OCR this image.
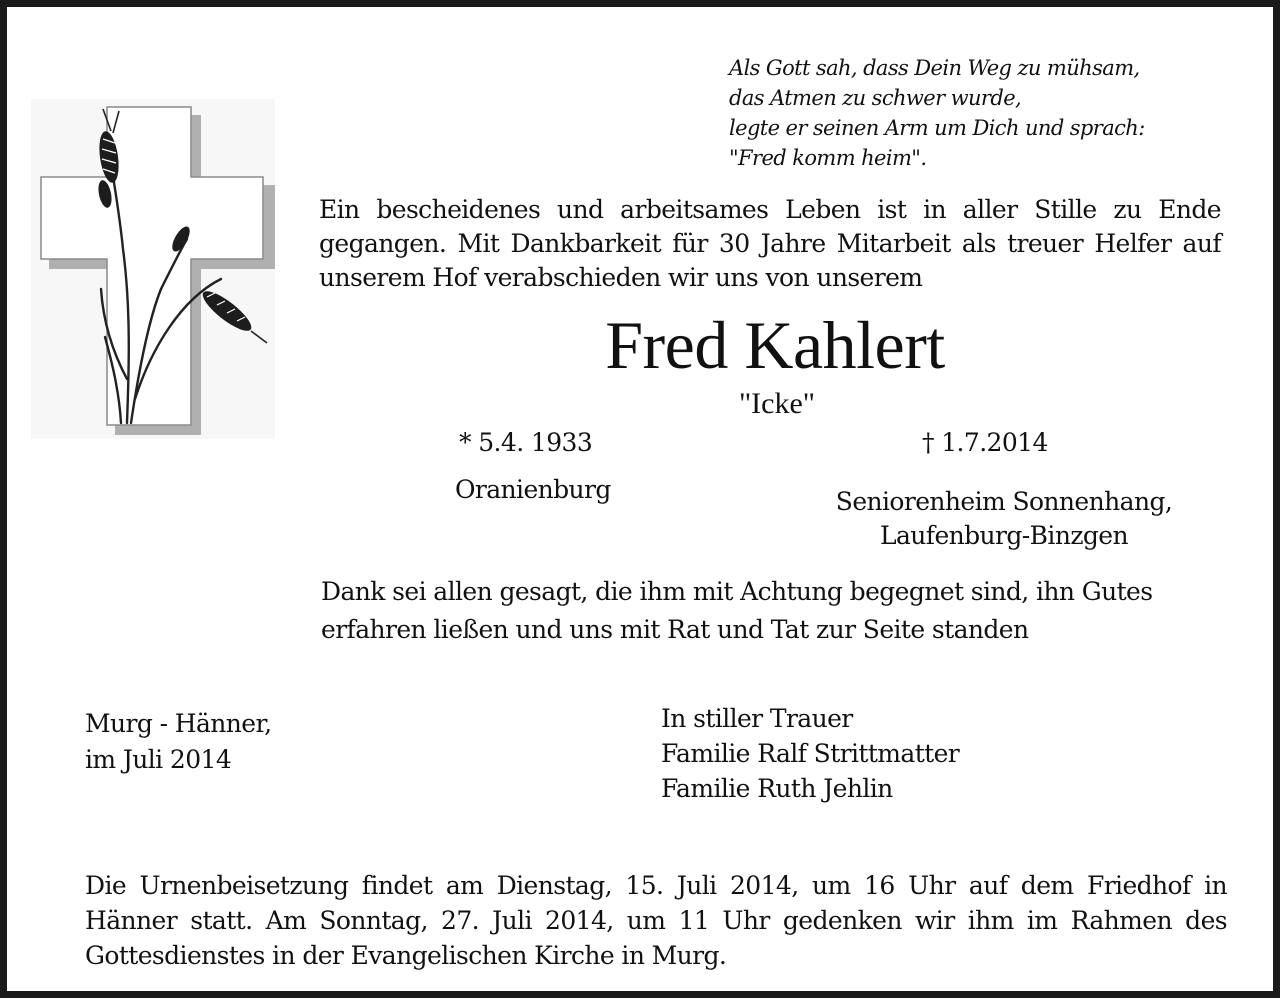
Als Gott sah, dass Dein Weg zu mühsam,
das Atmen zu schwer wurde,
legte er seinen Arm um Dich und sprach:
"Fred komm heim".
Ein bescheidenes und arbeitsames Leben ist in aller Stille zu Ende
gegangen. Mit Dankbarkeit für 30 Jahre Mitarbeit als treuer Helfer auf
unserem Hof verabschieden wir uns von unserem
Fred Kahlert
"Icke"
* 5.4. 1933
Oranienburg
† 1.7.2014
Seniorenheim Sonnenhang,
Laufenburg-Binzgen
Dank sei allen gesagt, die ihm mit Achtung begegnet sind, ihn Gutes
erfahren ließen und uns mit Rat und Tat zur Seite standen
Murg - Hänner,
im Juli 2014
In stiller Trauer
Familie Ralf Strittmatter
Familie Ruth Jehlin
Die Urnenbeisetzung findet am Dienstag, 15. Juli 2014, um 16 Uhr auf dem Friedhof in
Hänner statt. Am Sonntag, 27. Juli 2014, um 11 Uhr gedenken wir ihm im Rahmen des
Gottesdienstes in der Evangelischen Kirche in Murg.
